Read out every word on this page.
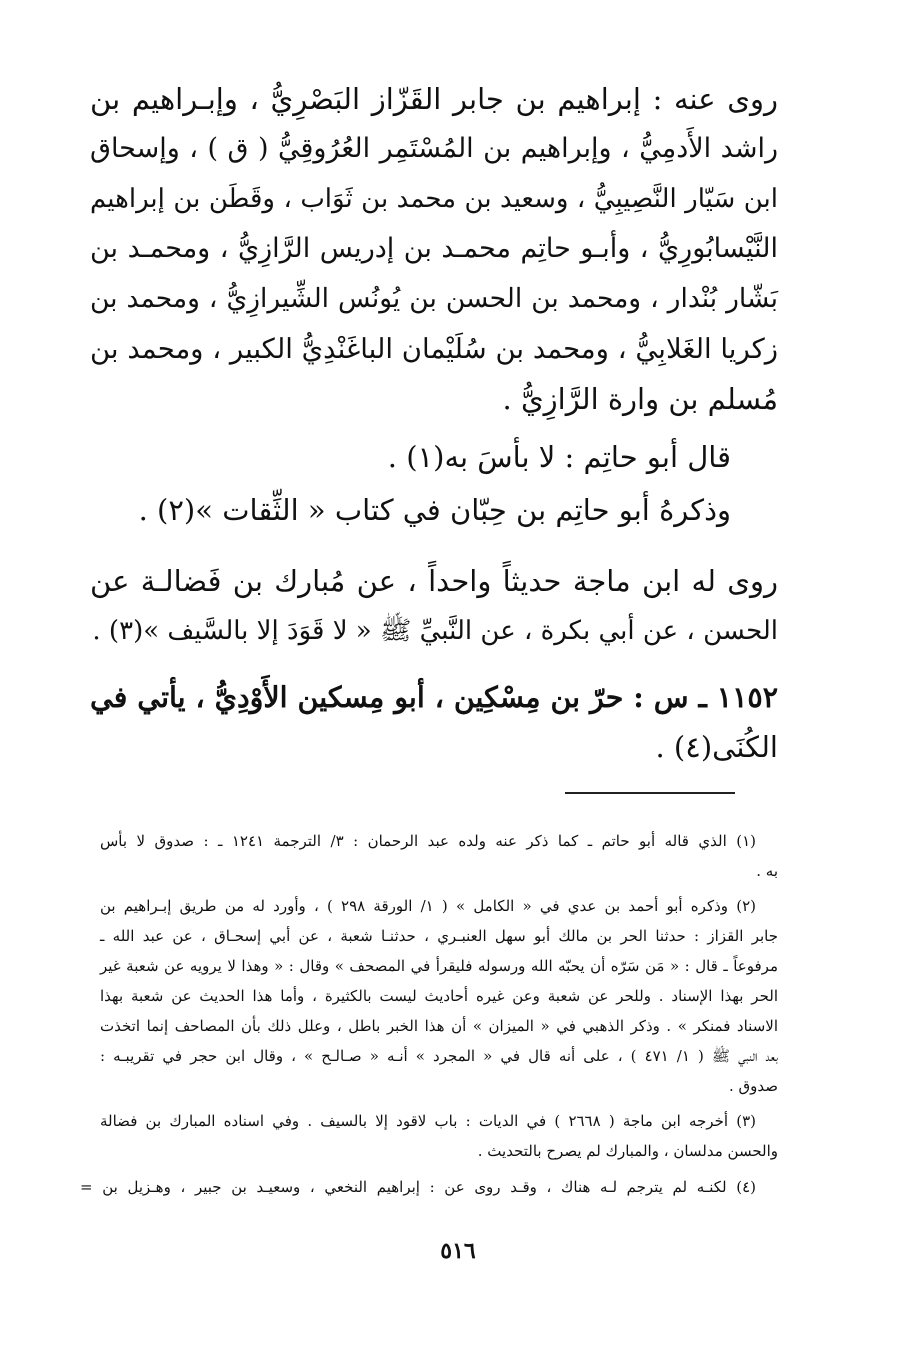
روى عنه : إبراهيم بن جابر القَزّاز البَصْرِيُّ ، وإبـراهيم بن
راشد الأَدمِيُّ ، وإبراهيم بن المُسْتَمِر العُرُوقِيُّ ( ق ) ، وإسحاق
ابن سَيّار النَّصِيبِيُّ ، وسعيد بن محمد بن ثَوَاب ، وقَطَن بن إبراهيم
النَّيْسابُورِيُّ ، وأبـو حاتِم محمـد بن إدريس الرَّازِيُّ ، ومحمـد بن
بَشّار بُنْدار ، ومحمد بن الحسن بن يُونُس الشِّيرازِيُّ ، ومحمد بن
زكريا الغَلابِيُّ ، ومحمد بن سُلَيْمان الباغَنْدِيُّ الكبير ، ومحمد بن
مُسلم بن وارة الرَّازِيُّ .
قال أبو حاتِم : لا بأسَ به(١) .
وذكرهُ أبو حاتِم بن حِبّان في كتاب « الثِّقات »(٢) .
روى له ابن ماجة حديثاً واحداً ، عن مُبارك بن فَضالـة عن
الحسن ، عن أبي بكرة ، عن النَّبيِّ ﷺ « لا قَوَدَ إلا بالسَّيف »(٣) .
١١٥٢ ـ س : حرّ بن مِسْكِين ، أبو مِسكين الأَوْدِيُّ ، يأتي في
الكُنَى(٤) .
(١) الذي قاله أبو حاتم ـ كما ذكر عنه ولده عبد الرحمان : ٣/ الترجمة ١٢٤١ ـ : صدوق لا بأس
به .
(٢) وذكره أبو أحمد بن عدي في « الكامل » ( ١/ الورقة ٢٩٨ ) ، وأورد له من طريق إبـراهيم بن
جابر القزاز : حدثنا الحر بن مالك أبو سهل العنبـري ، حدثنـا شعبة ، عن أبي إسحـاق ، عن عبد الله ـ
مرفوعاً ـ قال : « مَن سَرّه أن يحبّه الله ورسوله فليقرأ في المصحف » وقال : « وهذا لا يرويه عن شعبة غير
الحر بهذا الإسناد . وللحر عن شعبة وعن غيره أحاديث ليست بالكثيرة ، وأما هذا الحديث عن شعبة بهذا
الاسناد فمنكر » . وذكر الذهبي في « الميزان » أن هذا الخبر باطل ، وعلل ذلك بأن المصاحف إنما اتخذت
بعد النبي ﷺ ( ١/ ٤٧١ ) ، على أنه قال في « المجرد » أنـه « صـالـح » ، وقال ابن حجر في تقريبـه :
صدوق .
(٣) أخرجه ابن ماجة ( ٢٦٦٨ ) في الديات : باب لاقود إلا بالسيف . وفي اسناده المبارك بن فضالة
والحسن مدلسان ، والمبارك لم يصرح بالتحديث .
(٤) لكنـه لم يترجم لـه هناك ، وقـد روى عن : إبراهيم النخعي ، وسعيـد بن جبير ، وهـزيل بن =
٥١٦
